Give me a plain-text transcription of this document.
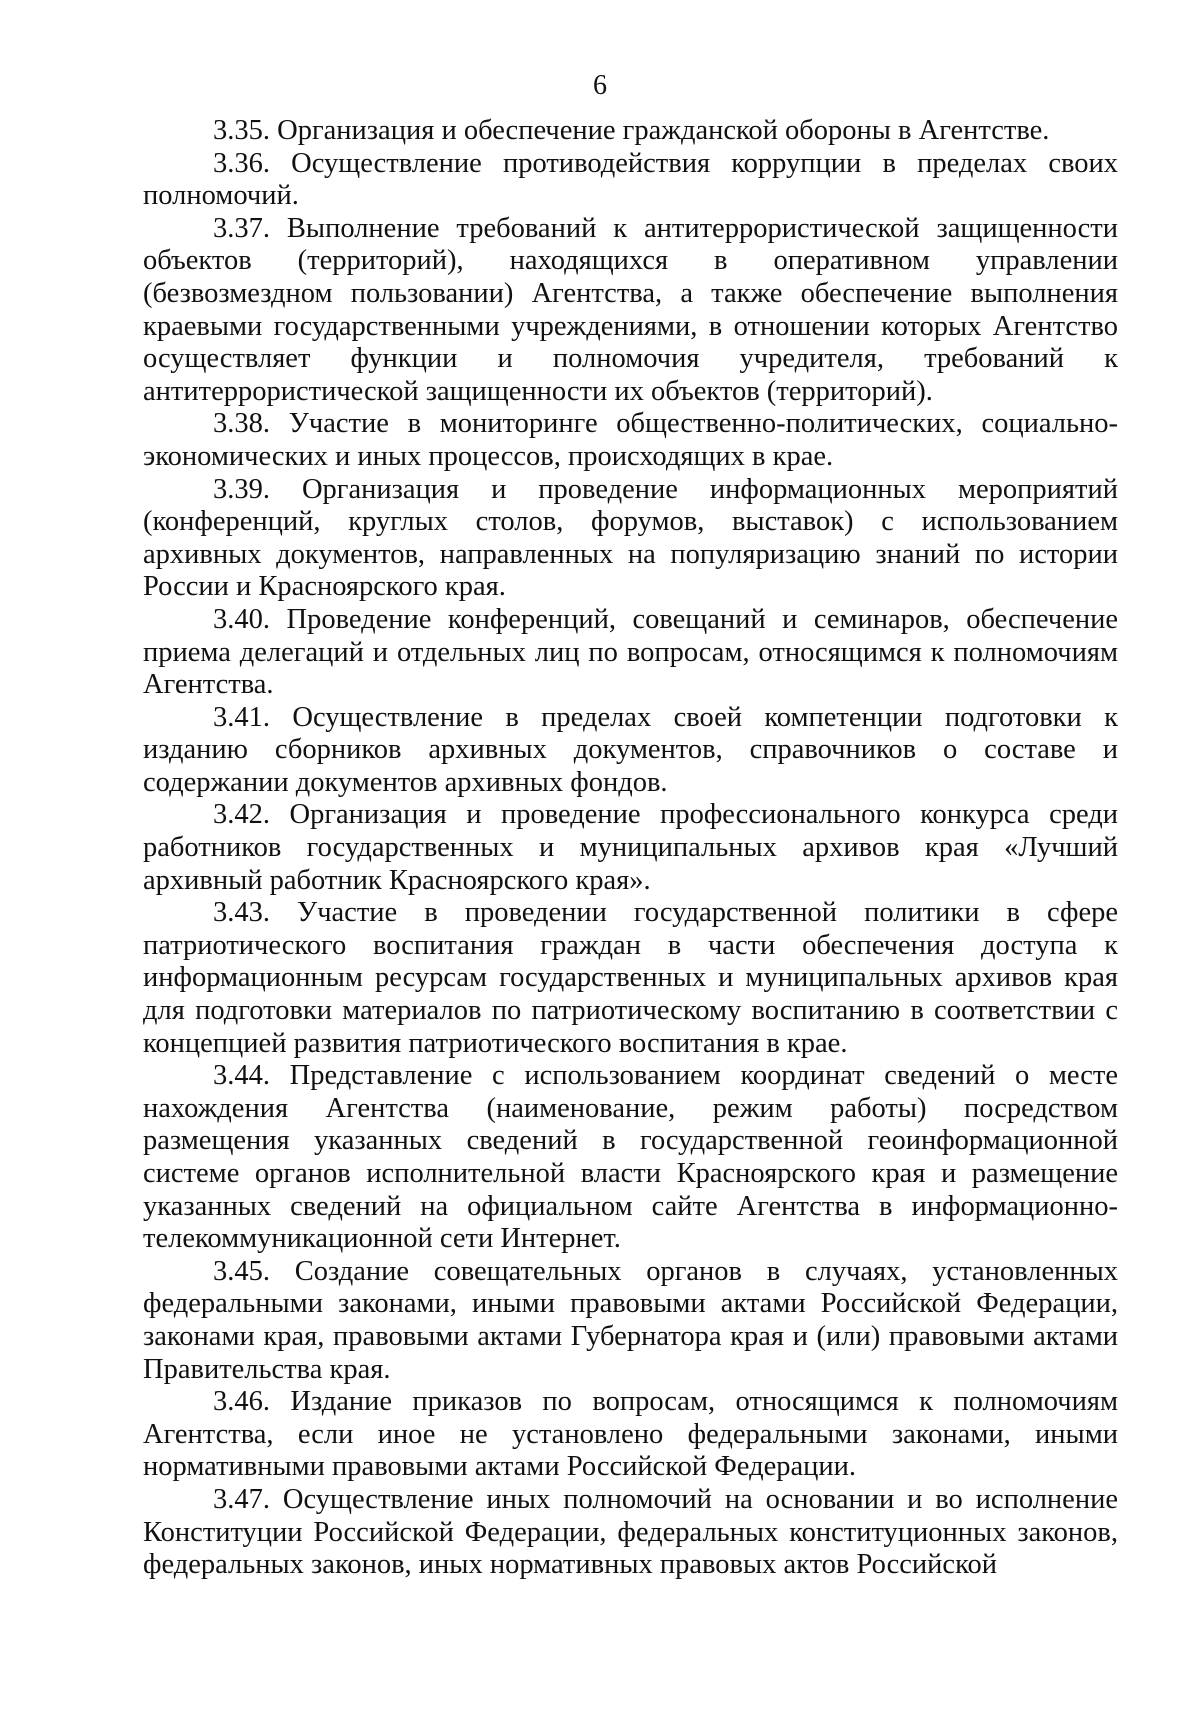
6

3.35. Организация и обеспечение гражданской обороны в Агентстве.

3.36. Осуществление противодействия коррупции в пределах своих полномочий.

3.37. Выполнение требований к антитеррористической защищенности объектов (территорий), находящихся в оперативном управлении (безвозмездном пользовании) Агентства, а также обеспечение выполнения краевыми государственными учреждениями, в отношении которых Агентство осуществляет функции и полномочия учредителя, требований к антитеррористической защищенности их объектов (территорий).

3.38. Участие в мониторинге общественно-политических, социально-экономических и иных процессов, происходящих в крае.

3.39. Организация и проведение информационных мероприятий (конференций, круглых столов, форумов, выставок) с использованием архивных документов, направленных на популяризацию знаний по истории России и Красноярского края.

3.40. Проведение конференций, совещаний и семинаров, обеспечение приема делегаций и отдельных лиц по вопросам, относящимся к полномочиям Агентства.

3.41. Осуществление в пределах своей компетенции подготовки к изданию сборников архивных документов, справочников о составе и содержании документов архивных фондов.

3.42. Организация и проведение профессионального конкурса среди работников государственных и муниципальных архивов края «Лучший архивный работник Красноярского края».

3.43. Участие в проведении государственной политики в сфере патриотического воспитания граждан в части обеспечения доступа к информационным ресурсам государственных и муниципальных архивов края для подготовки материалов по патриотическому воспитанию в соответствии с концепцией развития патриотического воспитания в крае.

3.44. Представление с использованием координат сведений о месте нахождения Агентства (наименование, режим работы) посредством размещения указанных сведений в государственной геоинформационной системе органов исполнительной власти Красноярского края и размещение указанных сведений на официальном сайте Агентства в информационно-телекоммуникационной сети Интернет.

3.45. Создание совещательных органов в случаях, установленных федеральными законами, иными правовыми актами Российской Федерации, законами края, правовыми актами Губернатора края и (или) правовыми актами Правительства края.

3.46. Издание приказов по вопросам, относящимся к полномочиям Агентства, если иное не установлено федеральными законами, иными нормативными правовыми актами Российской Федерации.

3.47. Осуществление иных полномочий на основании и во исполнение Конституции Российской Федерации, федеральных конституционных законов, федеральных законов, иных нормативных правовых актов Российской
